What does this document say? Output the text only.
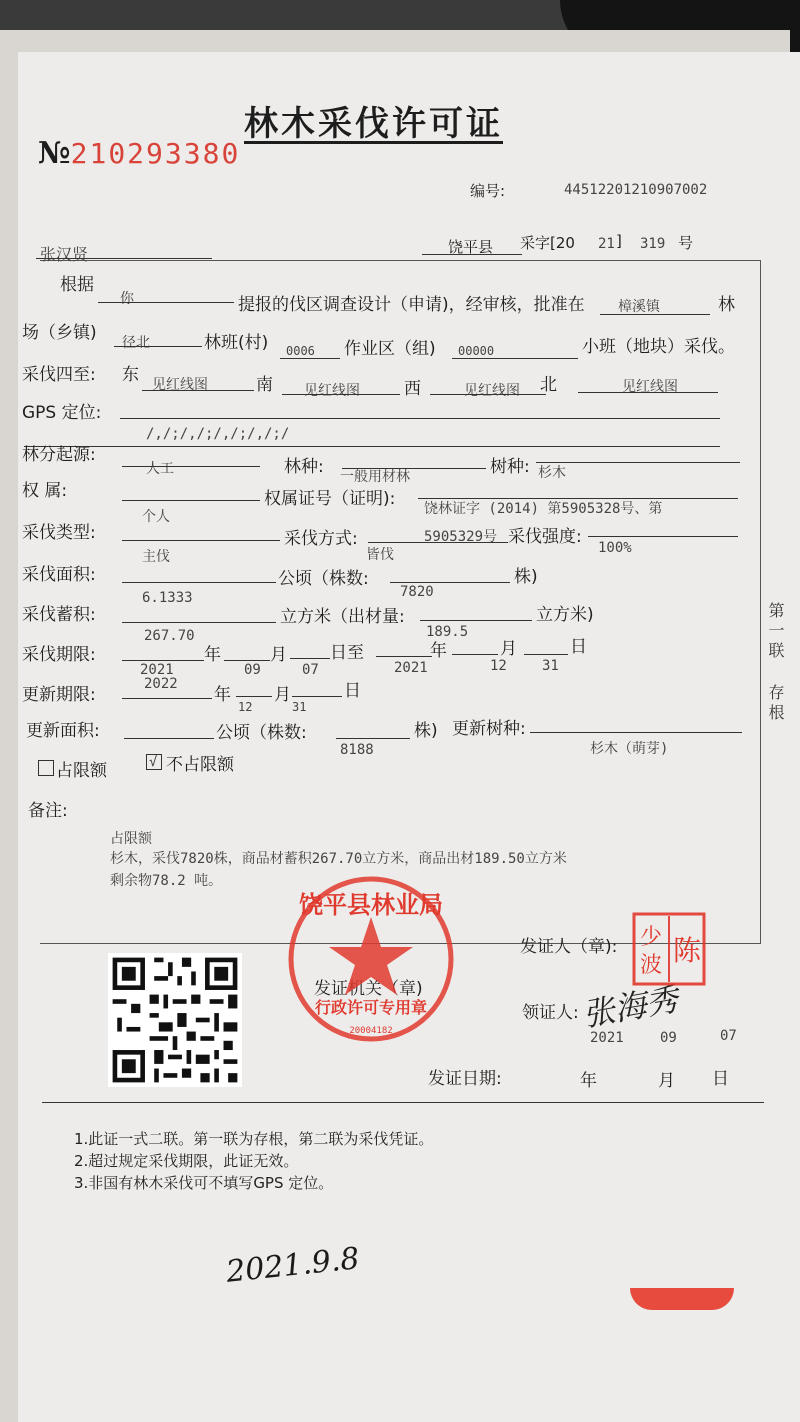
林木采伐许可证
№210293380
编号:	44512201210907002
张汉贤	饶平县 采字[20 21 ] 319 号
根据
你	提报的伐区调查设计（申请)，经审核，批准在 樟溪镇	林
场（乡镇) 径北	林班(村) 0006 作业区（组) 00000	小班（地块）采伐。
采伐四至: 东 见红线图	南 见红线图	西	见红线图 北	见红线图
GPS 定位:
/,/;/,/;/,/;/,/;/
林分起源:
人工	林种: 一般用材林	树种: 杉木
权 属:
个人
权属证号（证明): 饶林证字 (2014) 第5905328号、第
5905329号
采伐类型:
主伐
采伐方式:
皆伐
采伐强度:
100%
采伐面积:
6.1333
公顷（株数:
7820
株)
采伐蓄积:
267.70
立方米（出材量:
189.5
立方米)
采伐期限:
2021
年
09
月
07
日至
2021
年
12
月
31
日
更新期限:
2022
年
12
月
31
日
更新面积:	公顷（株数:
8188
株) 更新树种:
杉木（萌芽)
占限额	√ 不占限额
备注:
占限额
杉木，采伐7820株，商品材蓄积267.70立方米，商品出材189.50立方米
剩余物78.2 吨。
发证人（章):
发证机关（章)
领证人: 张海秀
发证日期:
2021
年
09
月
07
日
1.此证一式二联。第一联为存根，第二联为采伐凭证。
2.超过规定采伐期限，此证无效。
3.非国有林木采伐可不填写GPS 定位。
第一联
存根
2021.9.8
饶平县林业局
行政许可专用章
20004182
少 陈
波
